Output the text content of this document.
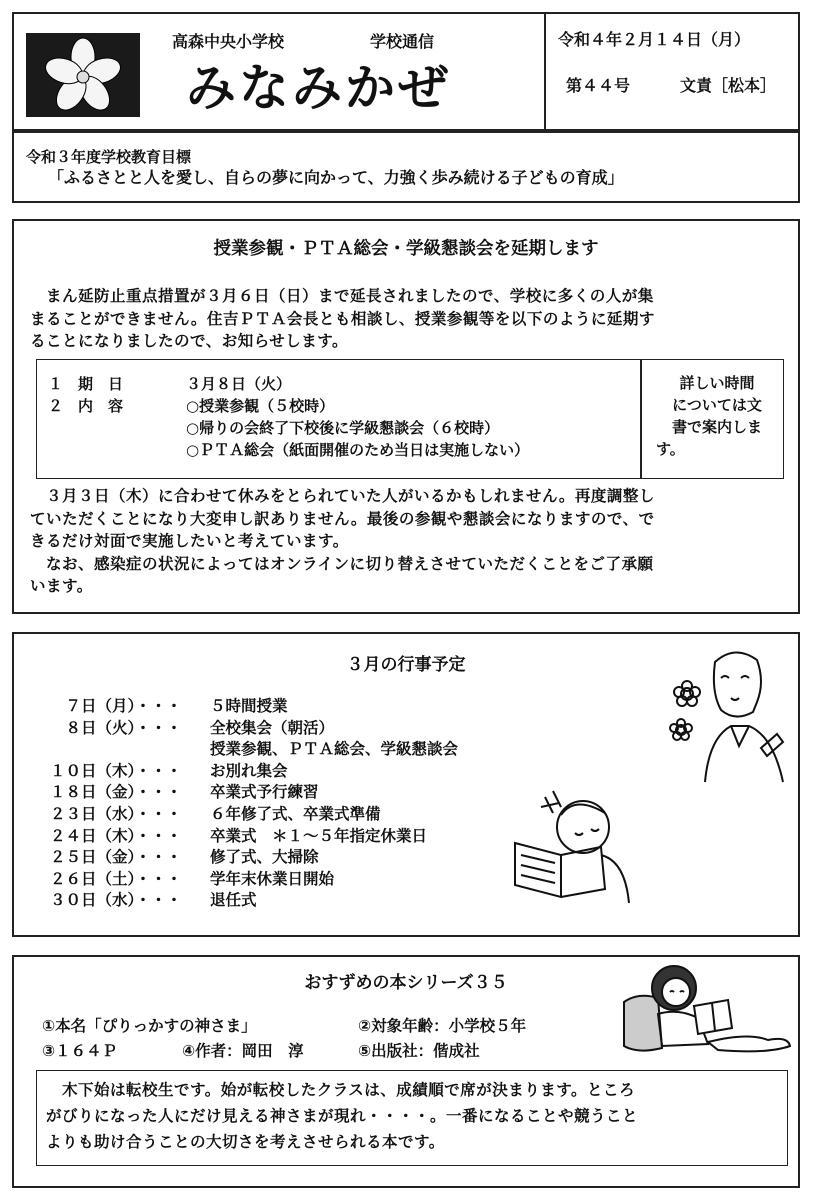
高森中央小学校	学校通信
みなみかぜ
令和４年２月１４日（月）
第４４号	文責［松本］
令和３年度学校教育目標
「ふるさとと人を愛し、自らの夢に向かって、力強く歩み続ける子どもの育成」
授業参観・ＰＴＡ総会・学級懇談会を延期します
　まん延防止重点措置が３月６日（日）まで延長されましたので、学校に多くの人が集
まることができません。住吉ＰＴＡ会長とも相談し、授業参観等を以下のように延期す
ることになりましたので、お知らせします。
１　期　日	３月８日（火）
２　内　容	○授業参観（５校時）
○帰りの会終了下校後に学級懇談会（６校時）
○ＰＴＡ総会（紙面開催のため当日は実施しない）
詳しい時間
については文
書で案内しま
す。
　３月３日（木）に合わせて休みをとられていた人がいるかもしれません。再度調整し
ていただくことになり大変申し訳ありません。最後の参観や懇談会になりますので、で
きるだけ対面で実施したいと考えています。
　なお、感染症の状況によってはオンラインに切り替えさせていただくことをご了承願
います。
３月の行事予定
　７日（月）・・・ ５時間授業
　８日（火）・・・ 全校集会（朝活）
授業参観、ＰＴＡ総会、学級懇談会
１０日（木）・・・ お別れ集会
１８日（金）・・・ 卒業式予行練習
２３日（水）・・・ ６年修了式、卒業式準備
２４日（木）・・・ 卒業式　＊１～５年指定休業日
２５日（金）・・・ 修了式、大掃除
２６日（土）・・・ 学年末休業日開始
３０日（水）・・・ 退任式
おすずめの本シリーズ３５
①本名「ぴりっかすの神さま」	②対象年齢：小学校５年
③１６４Ｐ	④作者：岡田　淳	⑤出版社：偕成社
　木下始は転校生です。始が転校したクラスは、成績順で席が決まります。ところ
がびりになった人にだけ見える神さまが現れ・・・・。一番になることや競うこと
よりも助け合うことの大切さを考えさせられる本です。
